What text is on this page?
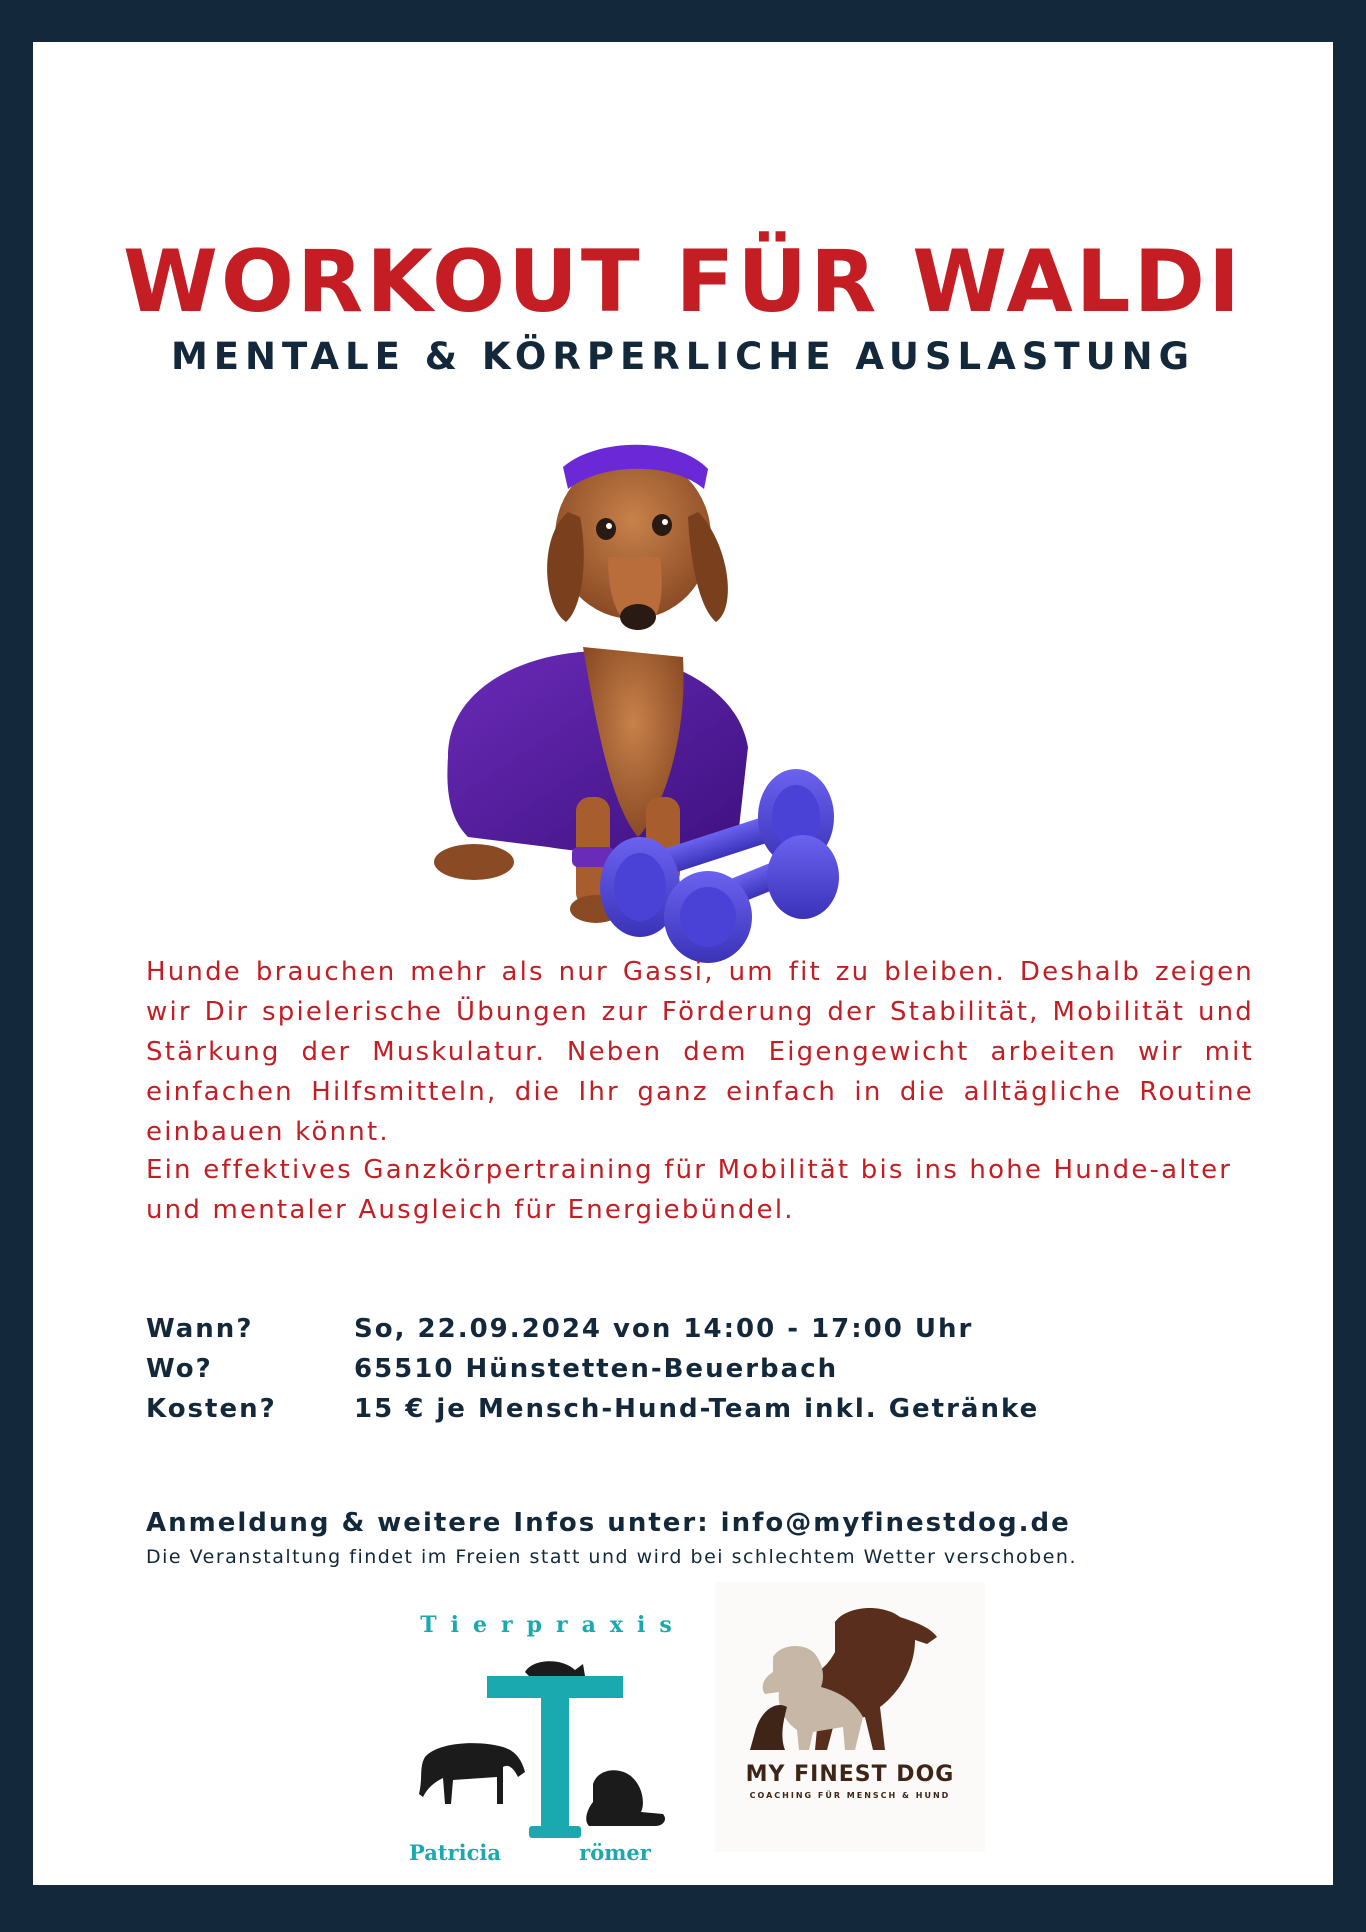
WORKOUT FÜR WALDI
MENTALE & KÖRPERLICHE AUSLASTUNG

Hunde brauchen mehr als nur Gassi, um fit zu bleiben. Deshalb zeigen wir Dir spielerische Übungen zur Förderung der Stabilität, Mobilität und Stärkung der Muskulatur. Neben dem Eigengewicht arbeiten wir mit einfachen Hilfsmitteln, die Ihr ganz einfach in die alltägliche Routine einbauen könnt.

Ein effektives Ganzkörpertraining für Mobilität bis ins hohe Hunde-alter und mentaler Ausgleich für Energiebündel.

Wann?	So, 22.09.2024 von 14:00 - 17:00 Uhr
Wo?	65510 Hünstetten-Beuerbach
Kosten?	15 € je Mensch-Hund-Team inkl. Getränke
Anmeldung & weitere Infos unter: info@myfinestdog.de
Die Veranstaltung findet im Freien statt und wird bei schlechtem Wetter verschoben.
Tierpraxis
T
Patricia	römer
MY FINEST DOG
COACHING FÜR MENSCH & HUND
